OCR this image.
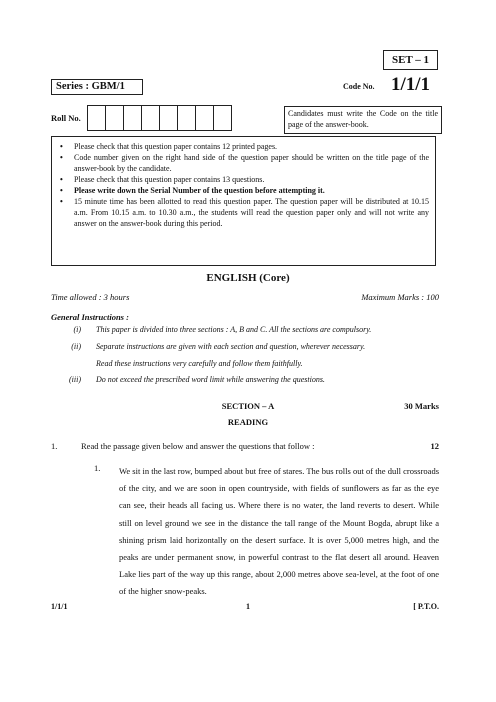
SET – 1
Series : GBM/1	Code No. 1/1/1
Roll No.	Candidates must write the Code on the title page of the answer-book.
• Please check that this question paper contains 12 printed pages.
• Code number given on the right hand side of the question paper should be written on the title page of the answer-book by the candidate.
• Please check that this question paper contains 13 questions.
• Please write down the Serial Number of the question before attempting it.
• 15 minute time has been allotted to read this question paper. The question paper will be distributed at 10.15 a.m. From 10.15 a.m. to 10.30 a.m., the students will read the question paper only and will not write any answer on the answer-book during this period.
ENGLISH (Core)
Time allowed : 3 hours	Maximum Marks : 100
General Instructions :
(i) This paper is divided into three sections : A, B and C. All the sections are compulsory.
(ii) Separate instructions are given with each section and question, wherever necessary.
Read these instructions very carefully and follow them faithfully.
(iii) Do not exceed the prescribed word limit while answering the questions.
SECTION – A	30 Marks
READING
1.	Read the passage given below and answer the questions that follow :	12
1. We sit in the last row, bumped about but free of stares. The bus rolls out of the dull crossroads of the city, and we are soon in open countryside, with fields of sunflowers as far as the eye can see, their heads all facing us. Where there is no water, the land reverts to desert. While still on level ground we see in the distance the tall range of the Mount Bogda, abrupt like a shining prism laid horizontally on the desert surface. It is over 5,000 metres high, and the peaks are under permanent snow, in powerful contrast to the flat desert all around. Heaven Lake lies part of the way up this range, about 2,000 metres above sea-level, at the foot of one of the higher snow-peaks.
1/1/1	1	[ P.T.O.
